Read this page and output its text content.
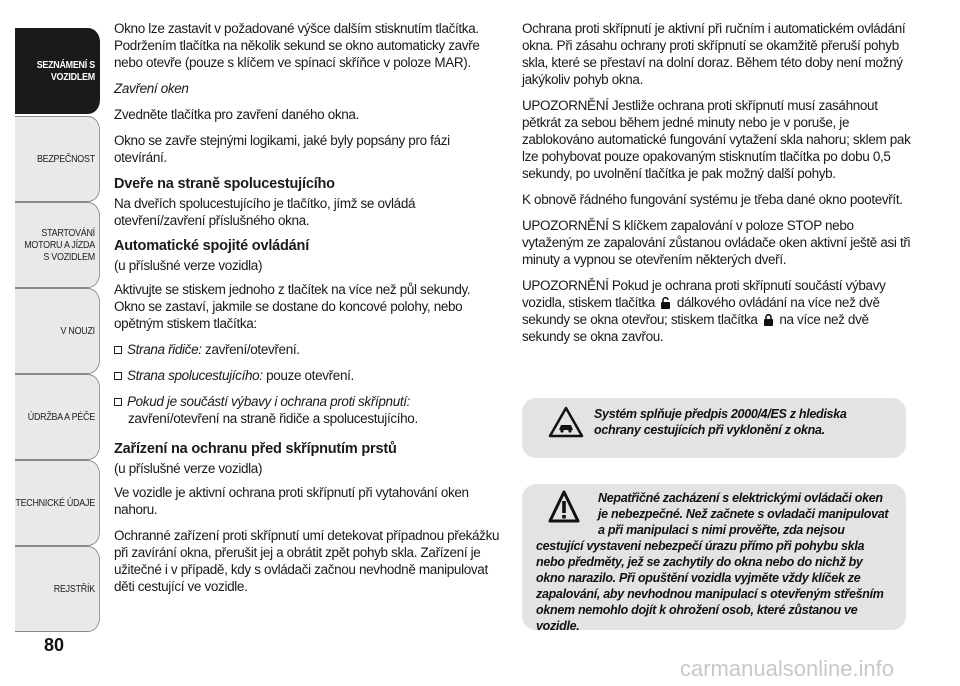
SEZNÁMENÍ S VOZIDLEM
BEZPEČNOST
STARTOVÁNÍ MOTORU A JÍZDA S VOZIDLEM
V NOUZI
ÚDRŽBA A PÉČE
TECHNICKÉ ÚDAJE
REJSTŘÍK
80

Okno lze zastavit v požadované výšce dalším stisknutím tlačítka. Podržením tlačítka na několik sekund se okno automaticky zavře nebo otevře (pouze s klíčem ve spínací skříňce v poloze MAR).

Zavření oken

Zvedněte tlačítka pro zavření daného okna.

Okno se zavře stejnými logikami, jaké byly popsány pro fázi otevírání.

Dveře na straně spolucestujícího

Na dveřích spolucestujícího je tlačítko, jímž se ovládá otevření/zavření příslušného okna.

Automatické spojité ovládání

(u příslušné verze vozidla)

Aktivujte se stiskem jednoho z tlačítek na více než půl sekundy. Okno se zastaví, jakmile se dostane do koncové polohy, nebo opětným stiskem tlačítka:

Strana řidiče: zavření/otevření.

Strana spolucestujícího: pouze otevření.

Pokud je součástí výbavy i ochrana proti skřípnutí: zavření/otevření na straně řidiče a spolucestujícího.

Zařízení na ochranu před skřípnutím prstů

(u příslušné verze vozidla)

Ve vozidle je aktivní ochrana proti skřípnutí při vytahování oken nahoru.

Ochranné zařízení proti skřípnutí umí detekovat případnou překážku při zavírání okna, přerušit jej a obrátit zpět pohyb skla. Zařízení je užitečné i v případě, kdy s ovládači začnou nevhodně manipulovat děti cestující ve vozidle.

Ochrana proti skřípnutí je aktivní při ručním i automatickém ovládání okna. Při zásahu ochrany proti skřípnutí se okamžitě přeruší pohyb skla, které se přestaví na dolní doraz. Během této doby není možný jakýkoliv pohyb okna.

UPOZORNĚNÍ Jestliže ochrana proti skřípnutí musí zasáhnout pětkrát za sebou během jedné minuty nebo je v poruše, je zablokováno automatické fungování vytažení skla nahoru; sklem pak lze pohybovat pouze opakovaným stisknutím tlačítka po dobu 0,5 sekundy, po uvolnění tlačítka je pak možný další pohyb.

K obnově řádného fungování systému je třeba dané okno pootevřít.

UPOZORNĚNÍ S klíčkem zapalování v poloze STOP nebo vytaženým ze zapalování zůstanou ovládače oken aktivní ještě asi tři minuty a vypnou se otevřením některých dveří.

UPOZORNĚNÍ Pokud je ochrana proti skřípnutí součástí výbavy vozidla, stiskem tlačítka dálkového ovládání na více než dvě sekundy se okna otevřou; stiskem tlačítka na více než dvě sekundy se okna zavřou.

Systém splňuje předpis 2000/4/ES z hlediska ochrany cestujících při vyklonění z okna.
Nepatřičné zacházení s elektrickými ovládači oken je nebezpečné. Než začnete s ovladači manipulovat a při manipulaci s nimi prověřte, zda nejsou cestující vystaveni nebezpečí úrazu přímo při pohybu skla nebo předměty, jež se zachytily do okna nebo do nichž by okno narazilo. Při opuštění vozidla vyjměte vždy klíček ze zapalování, aby nevhodnou manipulací s otevřeným střešním oknem nemohlo dojít k ohrožení osob, které zůstanou ve vozidle.
carmanualsonline.info
